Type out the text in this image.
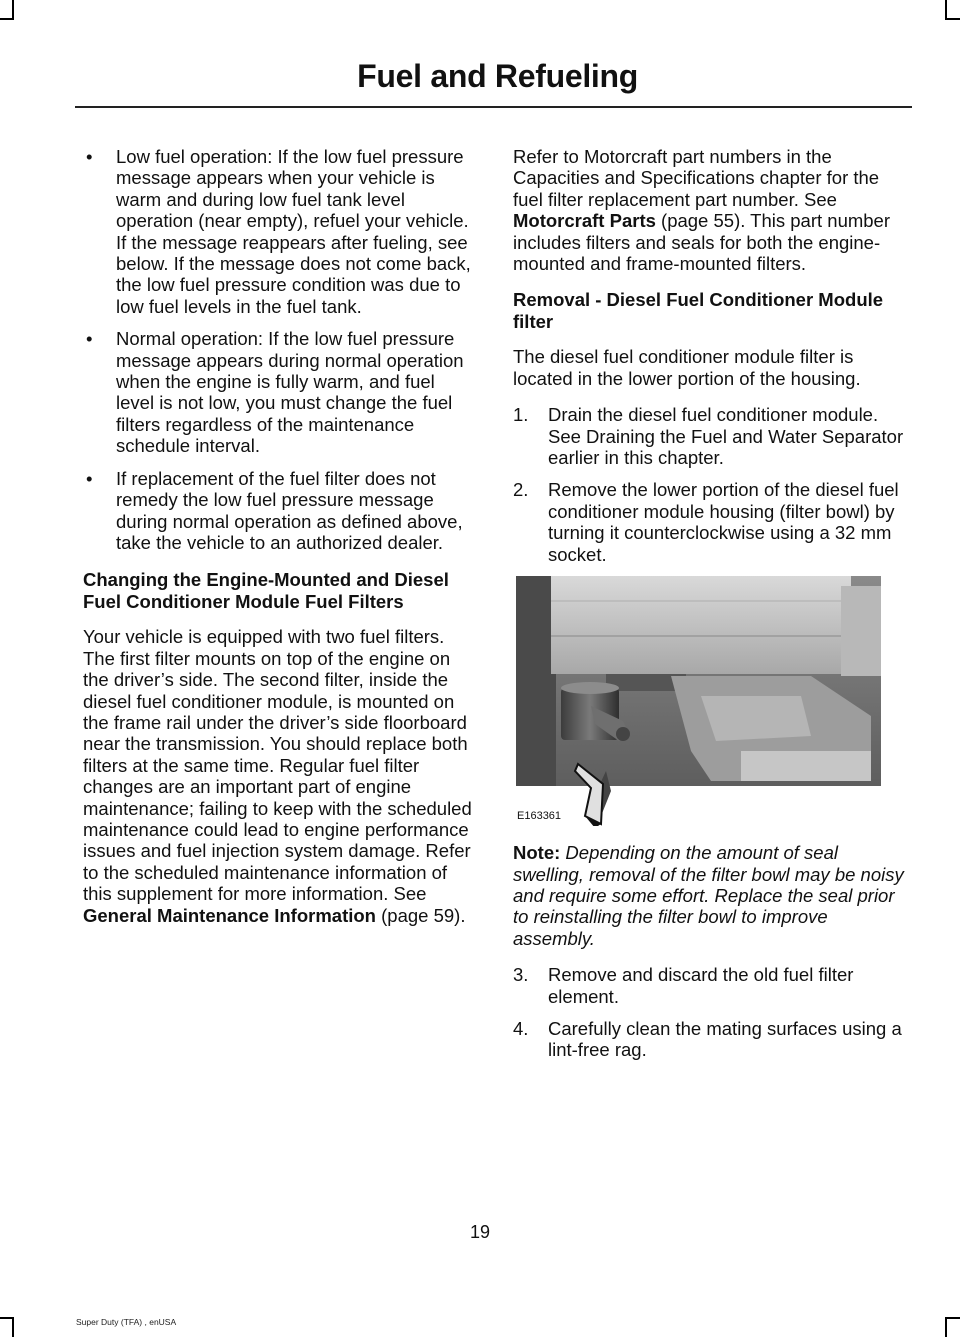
Fuel and Refueling
• Low fuel operation: If the low fuel pressure message appears when your vehicle is warm and during low fuel tank level operation (near empty), refuel your vehicle. If the message reappears after fueling, see below. If the message does not come back, the low fuel pressure condition was due to low fuel levels in the fuel tank.
• Normal operation: If the low fuel pressure message appears during normal operation when the engine is fully warm, and fuel level is not low, you must change the fuel filters regardless of the maintenance schedule interval.
• If replacement of the fuel filter does not remedy the low fuel pressure message during normal operation as defined above, take the vehicle to an authorized dealer.
Changing the Engine-Mounted and Diesel Fuel Conditioner Module Fuel Filters

Your vehicle is equipped with two fuel filters. The first filter mounts on top of the engine on the driver’s side. The second filter, inside the diesel fuel conditioner module, is mounted on the frame rail under the driver’s side floorboard near the transmission. You should replace both filters at the same time. Regular fuel filter changes are an important part of engine maintenance; failing to keep with the scheduled maintenance could lead to engine performance issues and fuel injection system damage. Refer to the scheduled maintenance information of this supplement for more information. See General Maintenance Information (page 59).

Refer to Motorcraft part numbers in the Capacities and Specifications chapter for the fuel filter replacement part number. See Motorcraft Parts (page 55). This part number includes filters and seals for both the engine-mounted and frame-mounted filters.

Removal - Diesel Fuel Conditioner Module filter

The diesel fuel conditioner module filter is located in the lower portion of the housing.

1. Drain the diesel fuel conditioner module. See Draining the Fuel and Water Separator earlier in this chapter.
2. Remove the lower portion of the diesel fuel conditioner module housing (filter bowl) by turning it counterclockwise using a 32 mm socket.
E163361

Note: Depending on the amount of seal swelling, removal of the filter bowl may be noisy and require some effort. Replace the seal prior to reinstalling the filter bowl to improve assembly.

3. Remove and discard the old fuel filter element.
4. Carefully clean the mating surfaces using a lint-free rag.
19
Super Duty (TFA) , enUSA
